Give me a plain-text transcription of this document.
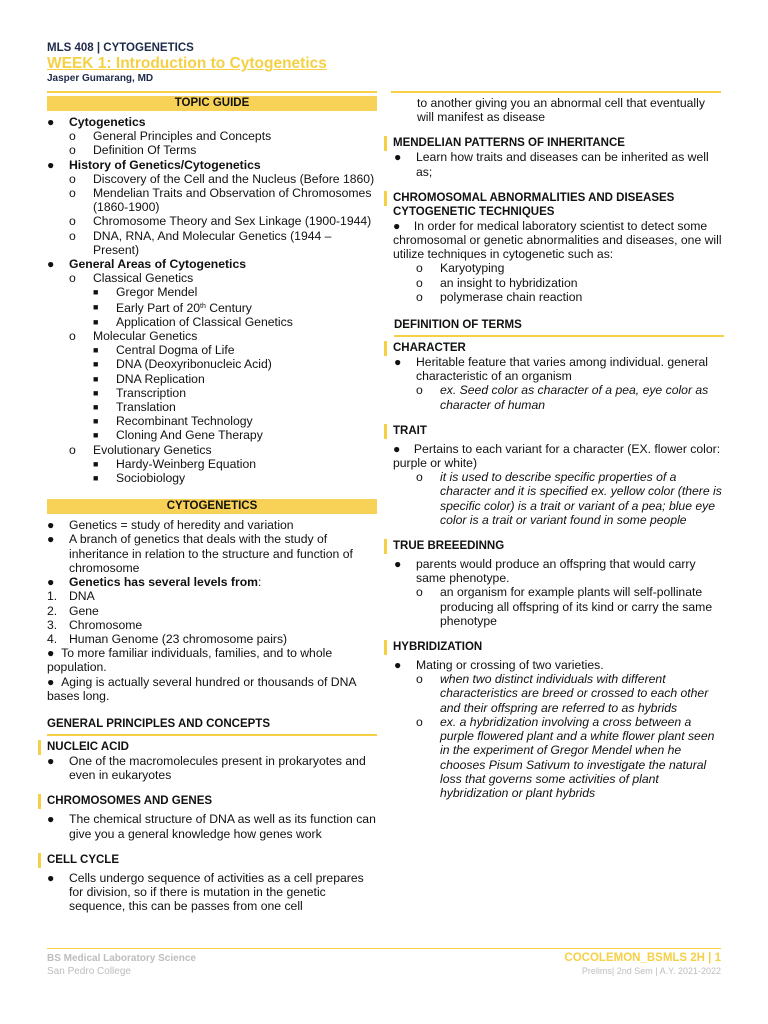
MLS 408 | CYTOGENETICS
WEEK 1: Introduction to Cytogenetics
Jasper Gumarang, MD
TOPIC GUIDE
●	Cytogenetics
o	General Principles and Concepts
o	Definition Of Terms
●	History of Genetics/Cytogenetics
o	Discovery of the Cell and the Nucleus (Before 1860)
o	Mendelian Traits and Observation of Chromosomes (1860-1900)
o	Chromosome Theory and Sex Linkage (1900-1944)
o	DNA, RNA, And Molecular Genetics (1944 – Present)
●	General Areas of Cytogenetics
o	Classical Genetics
■	Gregor Mendel
■	Early Part of 20th Century
■	Application of Classical Genetics
o	Molecular Genetics
■	Central Dogma of Life
■	DNA (Deoxyribonucleic Acid)
■	DNA Replication
■	Transcription
■	Translation
■	Recombinant Technology
■	Cloning And Gene Therapy
o	Evolutionary Genetics
■	Hardy-Weinberg Equation
■	Sociobiology
CYTOGENETICS
●	Genetics = study of heredity and variation
●	A branch of genetics that deals with the study of inheritance in relation to the structure and function of chromosome
●	Genetics has several levels from:
1. DNA
2. Gene
3. Chromosome
4. Human Genome (23 chromosome pairs)
●  To more familiar individuals, families, and to whole population.
●  Aging is actually several hundred or thousands of DNA bases long.
GENERAL PRINCIPLES AND CONCEPTS
NUCLEIC ACID
●	One of the macromolecules present in prokaryotes and even in eukaryotes
CHROMOSOMES AND GENES
●	The chemical structure of DNA as well as its function can give you a general knowledge how genes work
CELL CYCLE
●	Cells undergo sequence of activities as a cell prepares for division, so if there is mutation in the genetic sequence, this can be passes from one cell
to another giving you an abnormal cell that eventually will manifest as disease
MENDELIAN PATTERNS OF INHERITANCE
●	Learn how traits and diseases can be inherited as well as;
CHROMOSOMAL ABNORMALITIES AND DISEASES
CYTOGENETIC TECHNIQUES
●    In order for medical laboratory scientist to detect some chromosomal or genetic abnormalities and diseases, one will utilize techniques in cytogenetic such as:
o	Karyotyping
o	an insight to hybridization
o	polymerase chain reaction
DEFINITION OF TERMS
CHARACTER
●	Heritable feature that varies among individual. general characteristic of an organism
o	ex. Seed color as character of a pea, eye color as character of human
TRAIT
●    Pertains to each variant for a character (EX. flower color: purple or white)
o	it is used to describe specific properties of a character and it is specified ex. yellow color (there is specific color) is a trait or variant of a pea; blue eye color is a trait or variant found in some people
TRUE BREEEDINNG
●	parents would produce an offspring that would carry same phenotype.
o	an organism for example plants will self-pollinate producing all offspring of its kind or carry the same phenotype
HYBRIDIZATION
●	Mating or crossing of two varieties.
o	when two distinct individuals with different characteristics are breed or crossed to each other and their offspring are referred to as hybrids
o	ex. a hybridization involving a cross between a purple flowered plant and a white flower plant seen in the experiment of Gregor Mendel when he chooses Pisum Sativum to investigate the natural loss that governs some activities of plant hybridization or plant hybrids
BS Medical Laboratory Science
San Pedro College
COCOLEMON_BSMLS 2H | 1
Prelims| 2nd Sem | A.Y. 2021-2022
